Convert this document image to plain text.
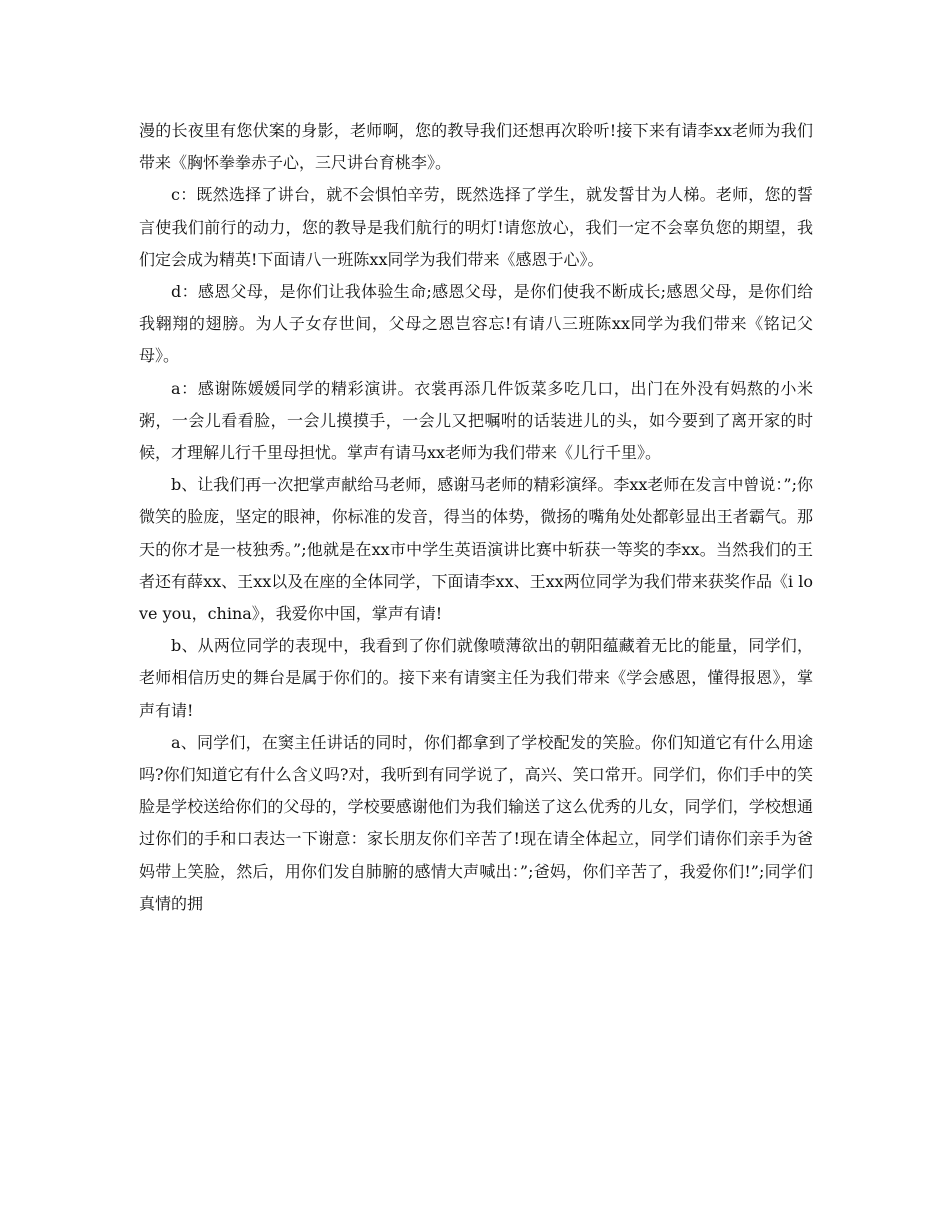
漫的长夜里有您伏案的身影，老师啊，您的教导我们还想再次聆听!接下来有请李xx老师为我们带来《胸怀拳拳赤子心，三尺讲台育桃李》。

c：既然选择了讲台，就不会惧怕辛劳，既然选择了学生，就发誓甘为人梯。老师，您的誓言使我们前行的动力，您的教导是我们航行的明灯!请您放心，我们一定不会辜负您的期望，我们定会成为精英!下面请八一班陈xx同学为我们带来《感恩于心》。

d：感恩父母，是你们让我体验生命;感恩父母，是你们使我不断成长;感恩父母，是你们给我翱翔的翅膀。为人子女存世间，父母之恩岂容忘!有请八三班陈xx同学为我们带来《铭记父母》。

a：感谢陈媛媛同学的精彩演讲。衣裳再添几件饭菜多吃几口，出门在外没有妈熬的小米粥，一会儿看看脸，一会儿摸摸手，一会儿又把嘱咐的话装进儿的头，如今要到了离开家的时候，才理解儿行千里母担忧。掌声有请马xx老师为我们带来《儿行千里》。

b、让我们再一次把掌声献给马老师，感谢马老师的精彩演绎。李xx老师在发言中曾说：”;你微笑的脸庞，坚定的眼神，你标准的发音，得当的体势，微扬的嘴角处处都彰显出王者霸气。那天的你才是一枝独秀。”;他就是在xx市中学生英语演讲比赛中斩获一等奖的李xx。当然我们的王者还有薛xx、王xx以及在座的全体同学，下面请李xx、王xx两位同学为我们带来获奖作品《i love you，china》，我爱你中国，掌声有请!

b、从两位同学的表现中，我看到了你们就像喷薄欲出的朝阳蕴藏着无比的能量，同学们，老师相信历史的舞台是属于你们的。接下来有请窦主任为我们带来《学会感恩，懂得报恩》，掌声有请!

a、同学们，在窦主任讲话的同时，你们都拿到了学校配发的笑脸。你们知道它有什么用途吗?你们知道它有什么含义吗?对，我听到有同学说了，高兴、笑口常开。同学们，你们手中的笑脸是学校送给你们的父母的，学校要感谢他们为我们输送了这么优秀的儿女，同学们，学校想通过你们的手和口表达一下谢意：家长朋友你们辛苦了!现在请全体起立，同学们请你们亲手为爸妈带上笑脸，然后，用你们发自肺腑的感情大声喊出：”;爸妈，你们辛苦了，我爱你们!”;同学们真情的拥
